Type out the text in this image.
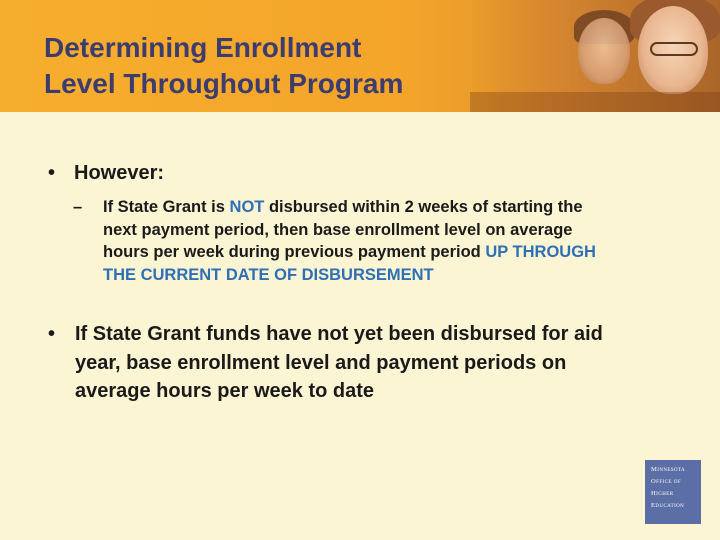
Determining Enrollment
Level Throughout Program
• However:
– If State Grant is NOT disbursed within 2 weeks of starting the next payment period, then base enrollment level on average hours per week during previous payment period UP THROUGH THE CURRENT DATE OF DISBURSEMENT
• If State Grant funds have not yet been disbursed for aid year, base enrollment level and payment periods on average hours per week to date
Minnesota
Office of
Higher
Education
